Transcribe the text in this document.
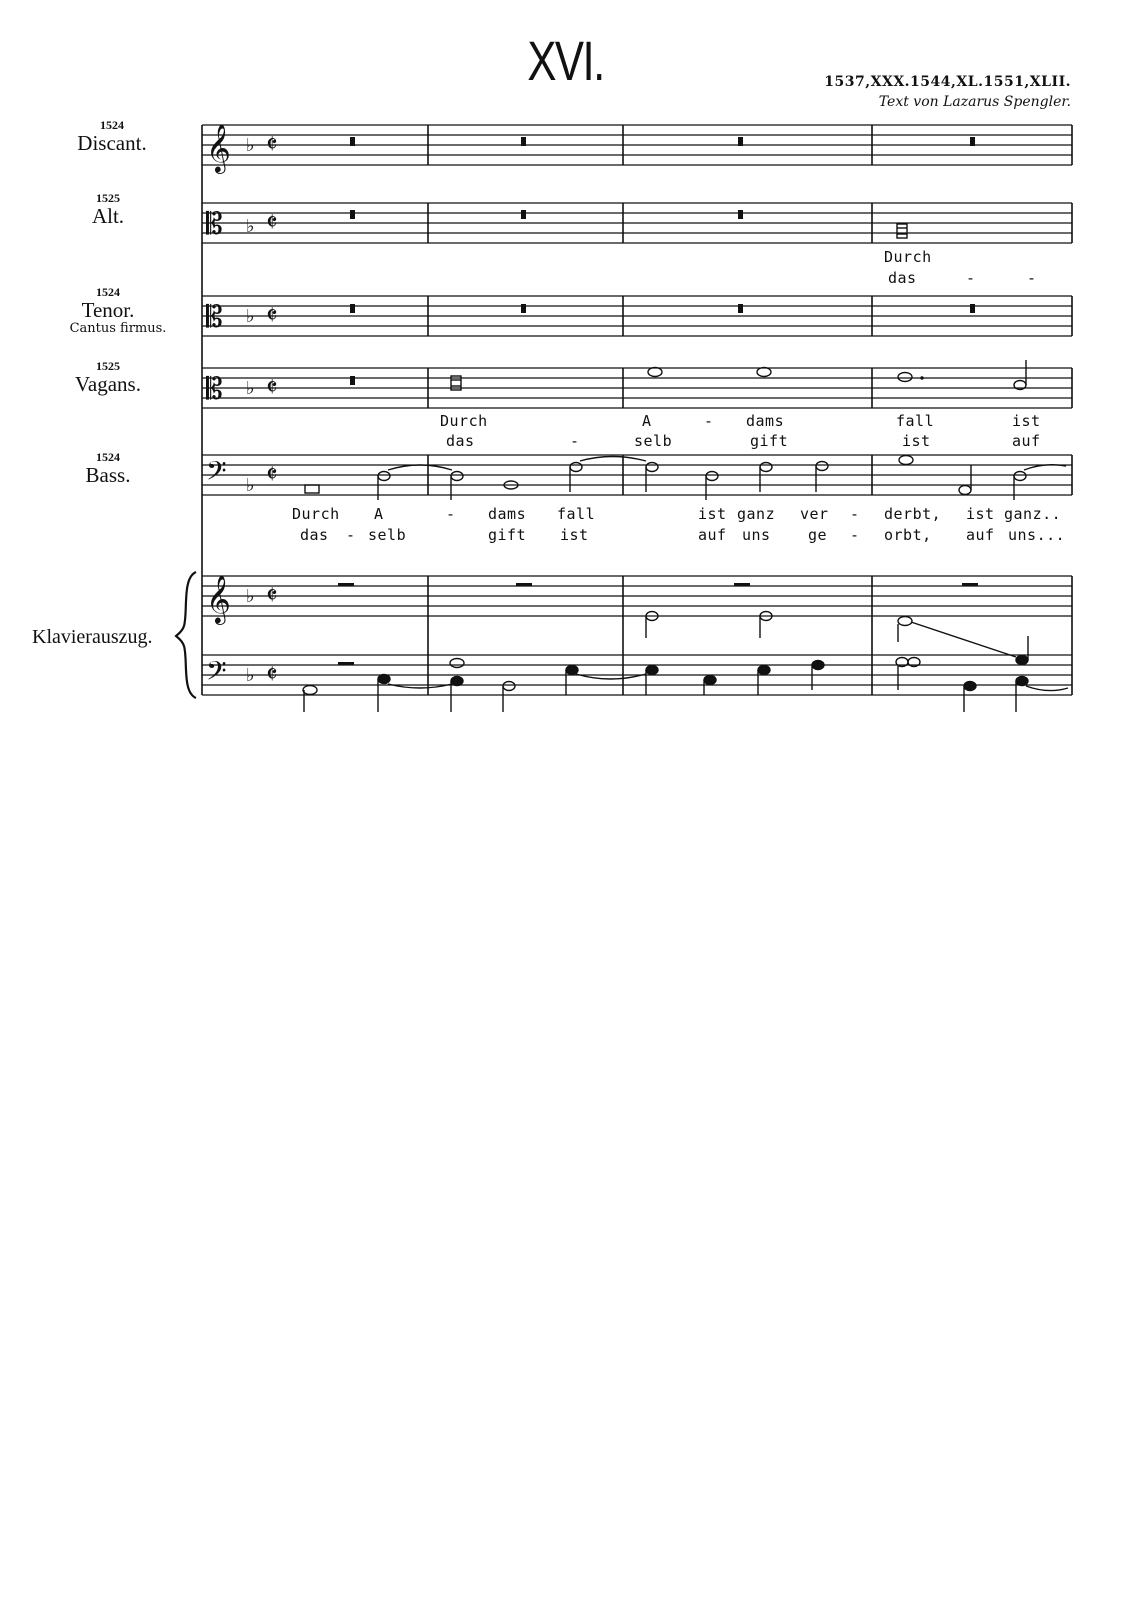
XVI.	1537,XXX.1544,XL.1551,XLII.
Text von Lazarus Spengler.
1524
Discant.
1525
Alt.
1524
Tenor.
Cantus firmus.
1525
Vagans.
1524
Bass.
Klavierauszug.
Durch
das	-	-
Durch	A	- dams	fall	ist
das	-	selb	gift	ist	auf
Durch A	- dams fall	ist ganz ver - derbt, ist ganz..
das - selb	gift ist	auf uns ge - orbt, auf uns...
𝄞
𝄡
𝄡
𝄡
𝄢
𝄞
𝄢
♭
♭
♭
♭
♭
♭
♭
𝄵
𝄵
𝄵
𝄵
𝄵
𝄵
𝄵
